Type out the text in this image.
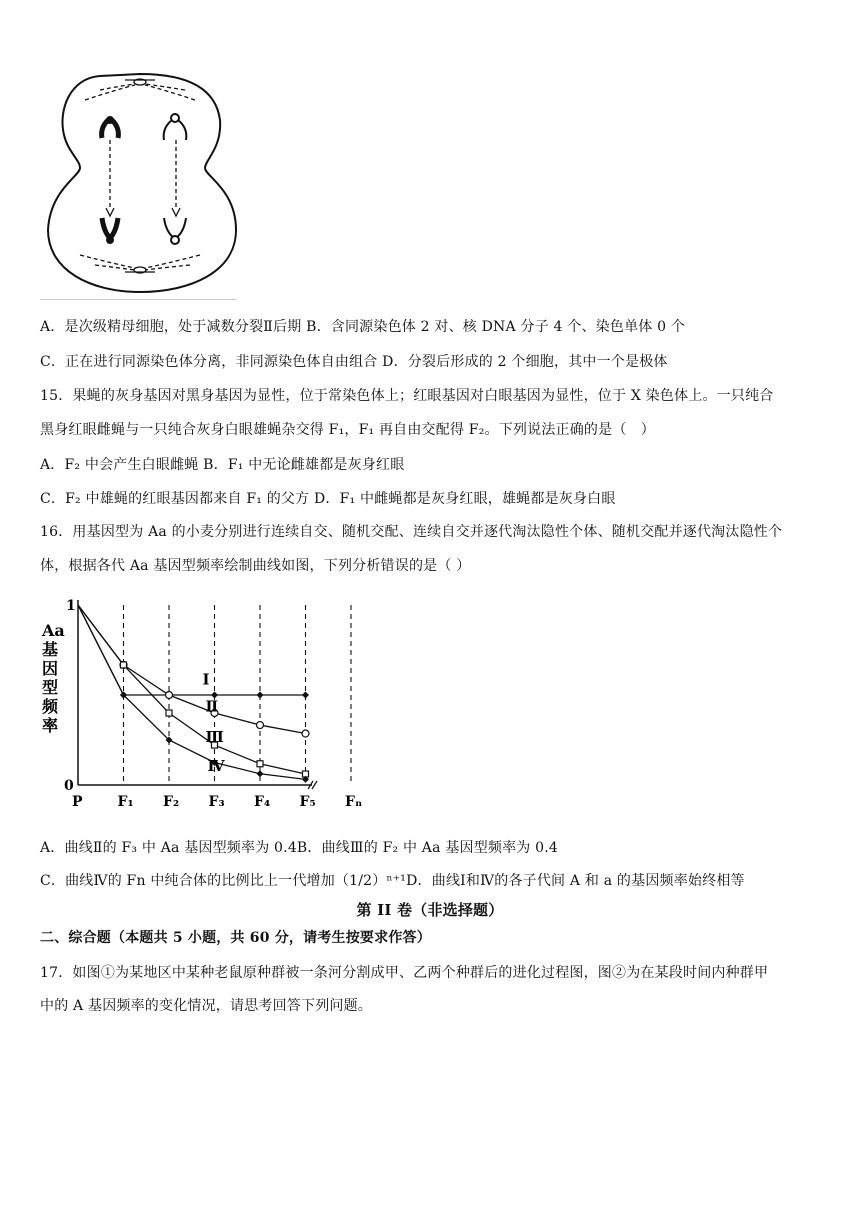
A．是次级精母细胞，处于减数分裂Ⅱ后期 B．含同源染色体 2 对、核 DNA 分子 4 个、染色单体 0 个
C．正在进行同源染色体分离，非同源染色体自由组合 D．分裂后形成的 2 个细胞，其中一个是极体
15．果蝇的灰身基因对黑身基因为显性，位于常染色体上；红眼基因对白眼基因为显性，位于 X 染色体上。一只纯合
黑身红眼雌蝇与一只纯合灰身白眼雄蝇杂交得 F₁，F₁ 再自由交配得 F₂。下列说法正确的是（　）
A．F₂ 中会产生白眼雌蝇 B．F₁ 中无论雌雄都是灰身红眼
C．F₂ 中雄蝇的红眼基因都来自 F₁ 的父方 D．F₁ 中雌蝇都是灰身红眼，雄蝇都是灰身白眼
16．用基因型为 Aa 的小麦分别进行连续自交、随机交配、连续自交并逐代淘汰隐性个体、随机交配并逐代淘汰隐性个
体，根据各代 Aa 基因型频率绘制曲线如图，下列分析错误的是（ ）
1
0
Aa
基
因
型
频
率
P F₁ F₂ F₃ F₄ F₅ Fₙ
Ⅰ
Ⅱ
Ⅲ
Ⅳ
A．曲线Ⅱ的 F₃ 中 Aa 基因型频率为 0.4B．曲线Ⅲ的 F₂ 中 Aa 基因型频率为 0.4
C．曲线Ⅳ的 Fn 中纯合体的比例比上一代增加（1/2）ⁿ⁺¹D．曲线Ⅰ和Ⅳ的各子代间 A 和 a 的基因频率始终相等
第 II 卷（非选择题）
二、综合题（本题共 5 小题，共 60 分，请考生按要求作答）
17．如图①为某地区中某种老鼠原种群被一条河分割成甲、乙两个种群后的进化过程图，图②为在某段时间内种群甲
中的 A 基因频率的变化情况，请思考回答下列问题。
